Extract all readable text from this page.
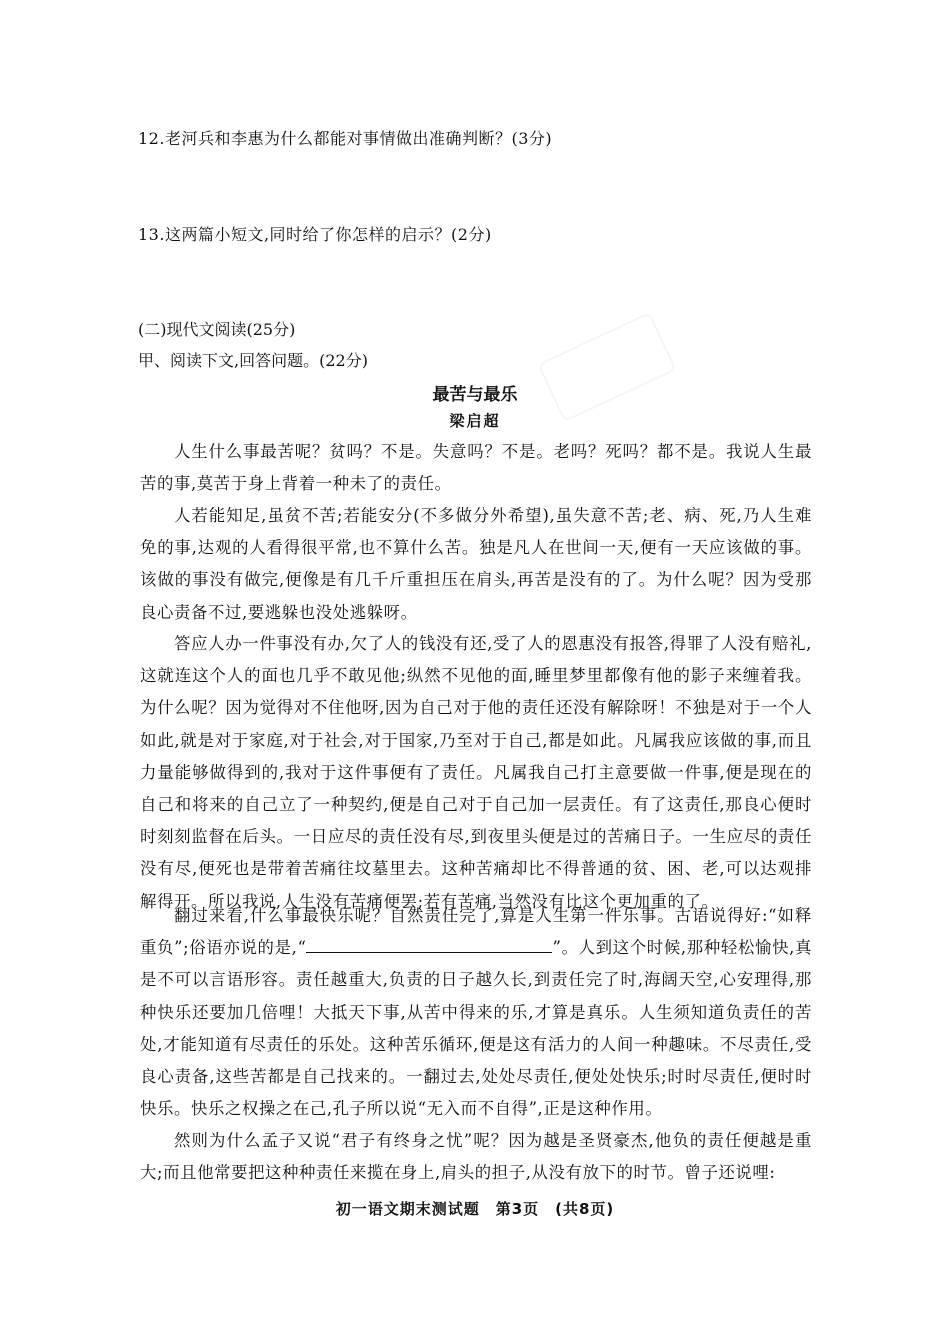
12.老河兵和李惠为什么都能对事情做出准确判断？(3分)
13.这两篇小短文,同时给了你怎样的启示？(2分)
(二)现代文阅读(25分)
甲、阅读下文,回答问题。(22分)
最苦与最乐
梁启超
人生什么事最苦呢？贫吗？不是。失意吗？不是。老吗？死吗？都不是。我说人生最苦的事,莫苦于身上背着一种未了的责任。
人若能知足,虽贫不苦;若能安分(不多做分外希望),虽失意不苦;老、病、死,乃人生难免的事,达观的人看得很平常,也不算什么苦。独是凡人在世间一天,便有一天应该做的事。该做的事没有做完,便像是有几千斤重担压在肩头,再苦是没有的了。为什么呢？因为受那良心责备不过,要逃躲也没处逃躲呀。
答应人办一件事没有办,欠了人的钱没有还,受了人的恩惠没有报答,得罪了人没有赔礼,这就连这个人的面也几乎不敢见他;纵然不见他的面,睡里梦里都像有他的影子来缠着我。为什么呢？因为觉得对不住他呀,因为自己对于他的责任还没有解除呀！不独是对于一个人如此,就是对于家庭,对于社会,对于国家,乃至对于自己,都是如此。凡属我应该做的事,而且力量能够做得到的,我对于这件事便有了责任。凡属我自己打主意要做一件事,便是现在的自己和将来的自己立了一种契约,便是自己对于自己加一层责任。有了这责任,那良心便时时刻刻监督在后头。一日应尽的责任没有尽,到夜里头便是过的苦痛日子。一生应尽的责任没有尽,便死也是带着苦痛往坟墓里去。这种苦痛却比不得普通的贫、困、老,可以达观排解得开。所以我说,人生没有苦痛便罢;若有苦痛,当然没有比这个更加重的了。
翻过来看,什么事最快乐呢？自然责任完了,算是人生第一件乐事。古语说得好:“如释重负”;俗语亦说的是,“	”。人到这个时候,那种轻松愉快,真是不可以言语形容。责任越重大,负责的日子越久长,到责任完了时,海阔天空,心安理得,那种快乐还要加几倍哩！大抵天下事,从苦中得来的乐,才算是真乐。人生须知道负责任的苦处,才能知道有尽责任的乐处。这种苦乐循环,便是这有活力的人间一种趣味。不尽责任,受良心责备,这些苦都是自己找来的。一翻过去,处处尽责任,便处处快乐;时时尽责任,便时时快乐。快乐之权操之在己,孔子所以说“无入而不自得”,正是这种作用。
然则为什么孟子又说“君子有终身之忧”呢？因为越是圣贤豪杰,他负的责任便越是重大;而且他常要把这种种责任来揽在身上,肩头的担子,从没有放下的时节。曾子还说哩:
初一语文期末测试题　第3页　(共8页)
